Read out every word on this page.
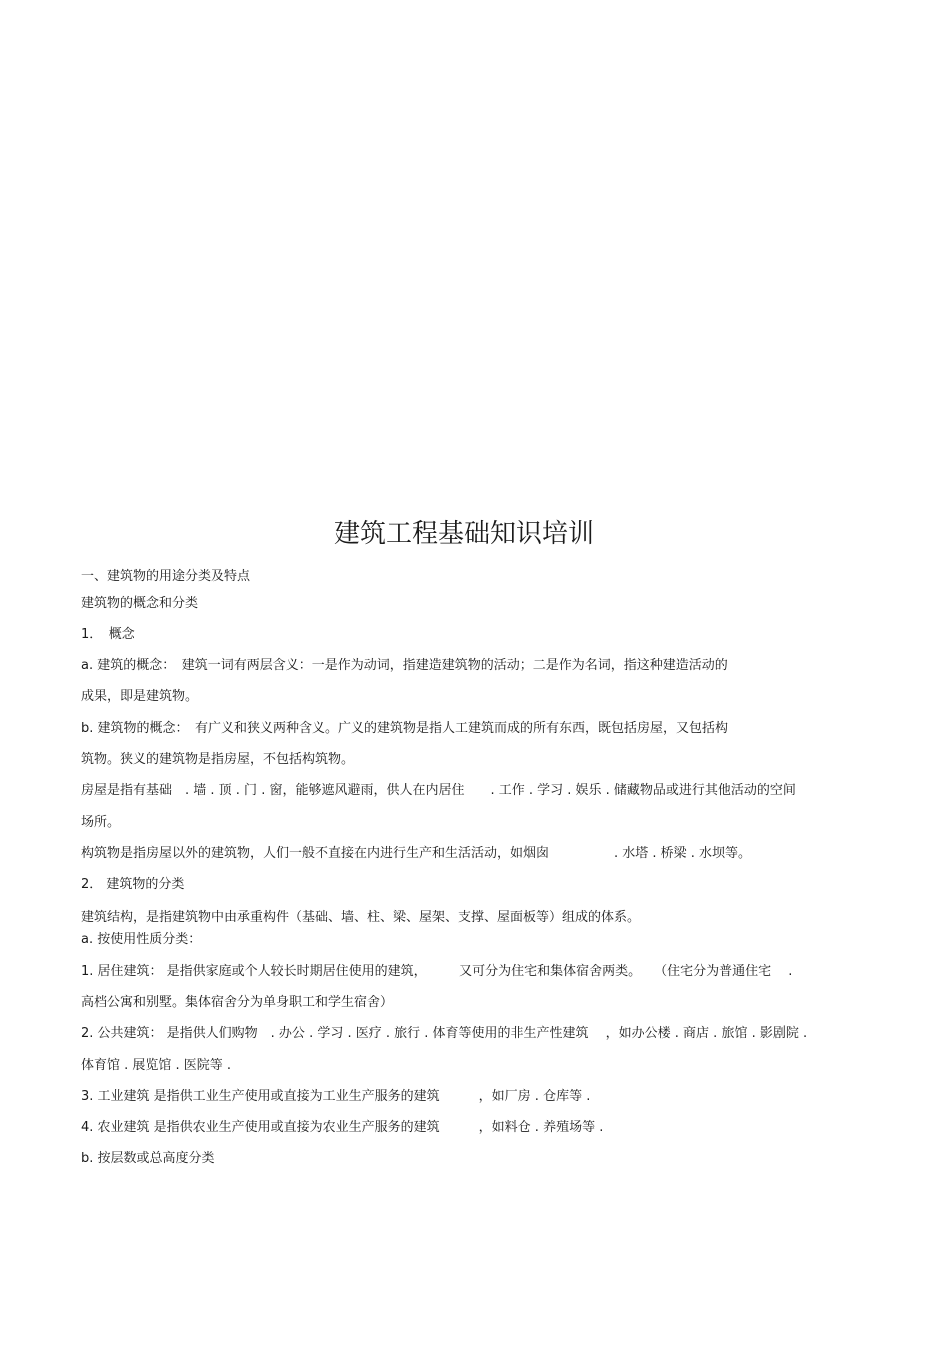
建筑工程基础知识培训
一、建筑物的用途分类及特点
建筑物的概念和分类
1．　概念
a. 建筑的概念：　建筑一词有两层含义：一是作为动词，指建造建筑物的活动；二是作为名词，指这种建造活动的
成果，即是建筑物。
b. 建筑物的概念：　有广义和狭义两种含义。广义的建筑物是指人工建筑而成的所有东西，既包括房屋，又包括构
筑物。狭义的建筑物是指房屋，不包括构筑物。
房屋是指有基础　. 墙 . 顶 . 门 . 窗，能够遮风避雨，供人在内居住　　. 工作 . 学习 . 娱乐 . 储藏物品或进行其他活动的空间
场所。
构筑物是指房屋以外的建筑物，人们一般不直接在内进行生产和生活活动，如烟囱　　　　　. 水塔 . 桥梁 . 水坝等。
2． 建筑物的分类
建筑结构，是指建筑物中由承重构件（基础、墙、柱、梁、屋架、支撑、屋面板等）组成的体系。
a. 按使用性质分类：
1. 居住建筑： 是指供家庭或个人较长时期居住使用的建筑，　　　又可分为住宅和集体宿舍两类。　　（住宅分为普通住宅　 .
高档公寓和别墅。集体宿舍分为单身职工和学生宿舍）
2. 公共建筑： 是指供人们购物　. 办公 . 学习 . 医疗 . 旅行 . 体育等使用的非生产性建筑　 ，如办公楼 . 商店 . 旅馆 . 影剧院 .
体育馆 . 展览馆 . 医院等 .
3. 工业建筑 是指供工业生产使用或直接为工业生产服务的建筑　　　，如厂房 . 仓库等 .
4. 农业建筑 是指供农业生产使用或直接为农业生产服务的建筑　　　，如料仓 . 养殖场等 .
b. 按层数或总高度分类
